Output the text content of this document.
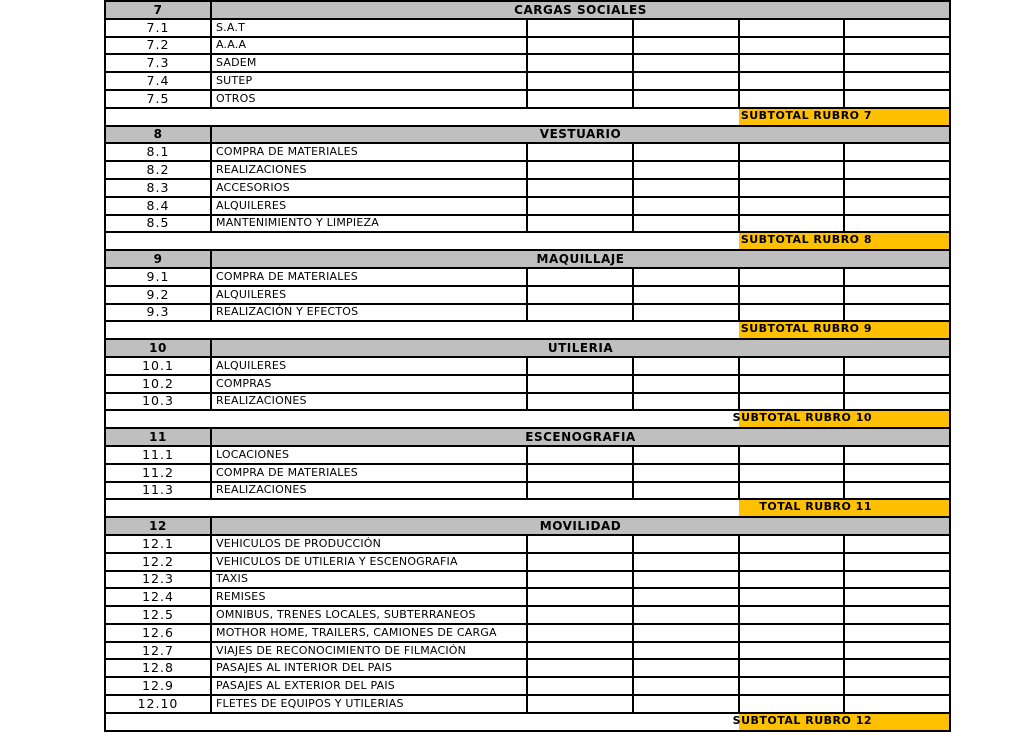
7	CARGAS SOCIALES				
7.1	S.A.T				
7.2	A.A.A				
7.3	SADEM				
7.4	SUTEP				
7.5	OTROS				

	SUBTOTAL RUBRO 7				

8	VESTUARIO				
8.1	COMPRA DE MATERIALES				
8.2	REALIZACIONES				
8.3	ACCESORIOS				
8.4	ALQUILERES				
8.5	MANTENIMIENTO Y LIMPIEZA				

	SUBTOTAL RUBRO 8				

9	MAQUILLAJE				
9.1	COMPRA DE MATERIALES				
9.2	ALQUILERES				
9.3	REALIZACIÓN Y EFECTOS				

	SUBTOTAL RUBRO 9				

10	UTILERIA				
10.1	ALQUILERES				
10.2	COMPRAS				
10.3	REALIZACIONES				

	SUBTOTAL RUBRO 10				

11	ESCENOGRAFIA				
11.1	LOCACIONES				
11.2	COMPRA DE MATERIALES				
11.3	REALIZACIONES				

	TOTAL RUBRO 11				

12	MOVILIDAD				
12.1	VEHICULOS DE PRODUCCIÓN				
12.2	VEHICULOS DE UTILERIA Y ESCENOGRAFIA				
12.3	TAXIS				
12.4	REMISES				
12.5	OMNIBUS, TRENES LOCALES, SUBTERRANEOS				
12.6	MOTHOR HOME, TRAILERS, CAMIONES DE CARGA				
12.7	VIAJES DE RECONOCIMIENTO DE FILMACIÓN				
12.8	PASAJES AL INTERIOR DEL PAIS				
12.9	PASAJES AL EXTERIOR DEL PAIS				
12.10	FLETES DE EQUIPOS Y UTILERIAS				

	SUBTOTAL RUBRO 12				
